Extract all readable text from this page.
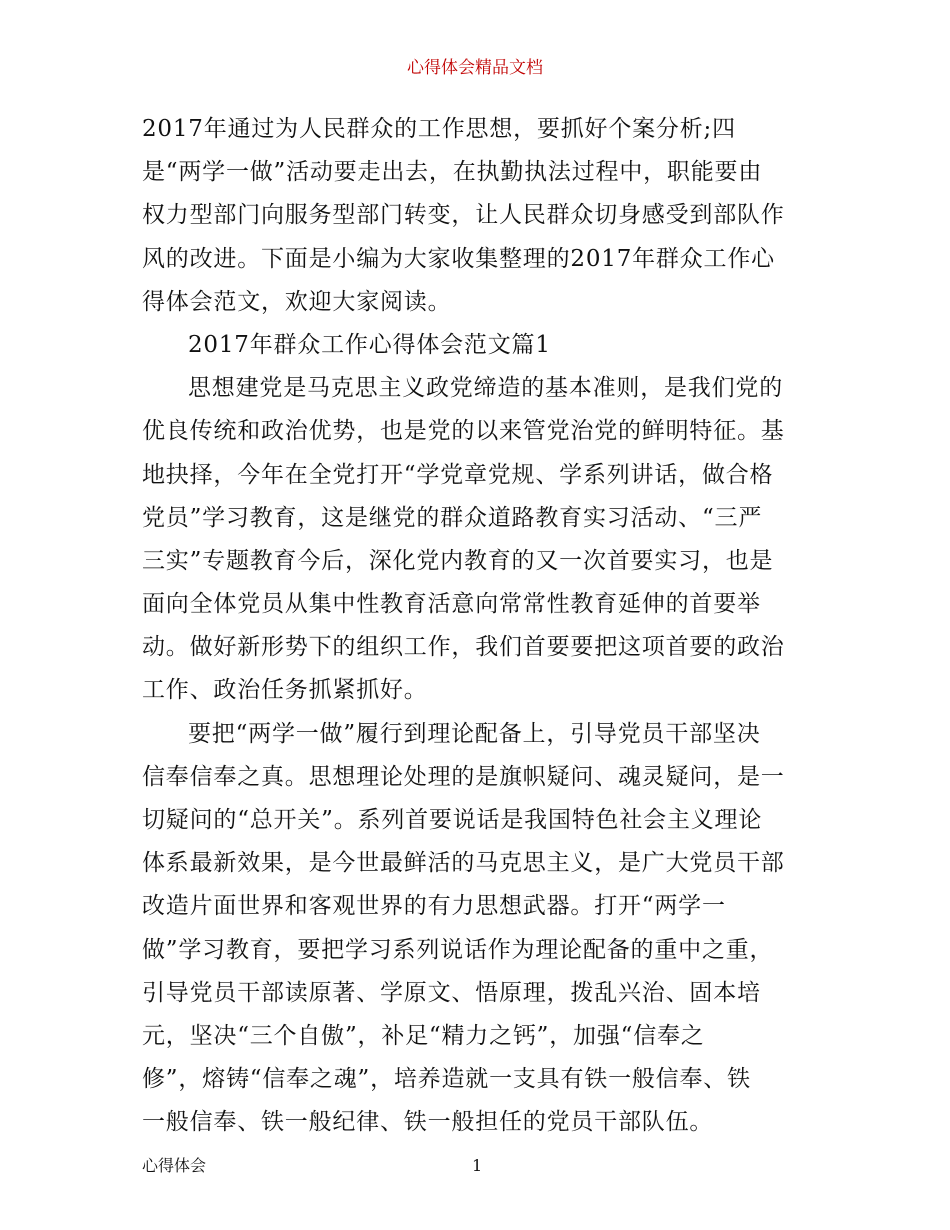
心得体会精品文档
2017年通过为人民群众的工作思想，要抓好个案分析;四
是“两学一做”活动要走出去，在执勤执法过程中，职能要由
权力型部门向服务型部门转变，让人民群众切身感受到部队作
风的改进。下面是小编为大家收集整理的2017年群众工作心
得体会范文，欢迎大家阅读。
2017年群众工作心得体会范文篇1
思想建党是马克思主义政党缔造的基本准则，是我们党的
优良传统和政治优势，也是党的以来管党治党的鲜明特征。基
地抉择，今年在全党打开“学党章党规、学系列讲话，做合格
党员”学习教育，这是继党的群众道路教育实习活动、“三严
三实”专题教育今后，深化党内教育的又一次首要实习，也是
面向全体党员从集中性教育活意向常常性教育延伸的首要举
动。做好新形势下的组织工作，我们首要要把这项首要的政治
工作、政治任务抓紧抓好。
要把“两学一做”履行到理论配备上，引导党员干部坚决
信奉信奉之真。思想理论处理的是旗帜疑问、魂灵疑问，是一
切疑问的“总开关”。系列首要说话是我国特色社会主义理论
体系最新效果，是今世最鲜活的马克思主义，是广大党员干部
改造片面世界和客观世界的有力思想武器。打开“两学一
做”学习教育，要把学习系列说话作为理论配备的重中之重，
引导党员干部读原著、学原文、悟原理，拨乱兴治、固本培
元，坚决“三个自傲”，补足“精力之钙”，加强“信奉之
修”，熔铸“信奉之魂”，培养造就一支具有铁一般信奉、铁
一般信奉、铁一般纪律、铁一般担任的党员干部队伍。
心得体会	1
